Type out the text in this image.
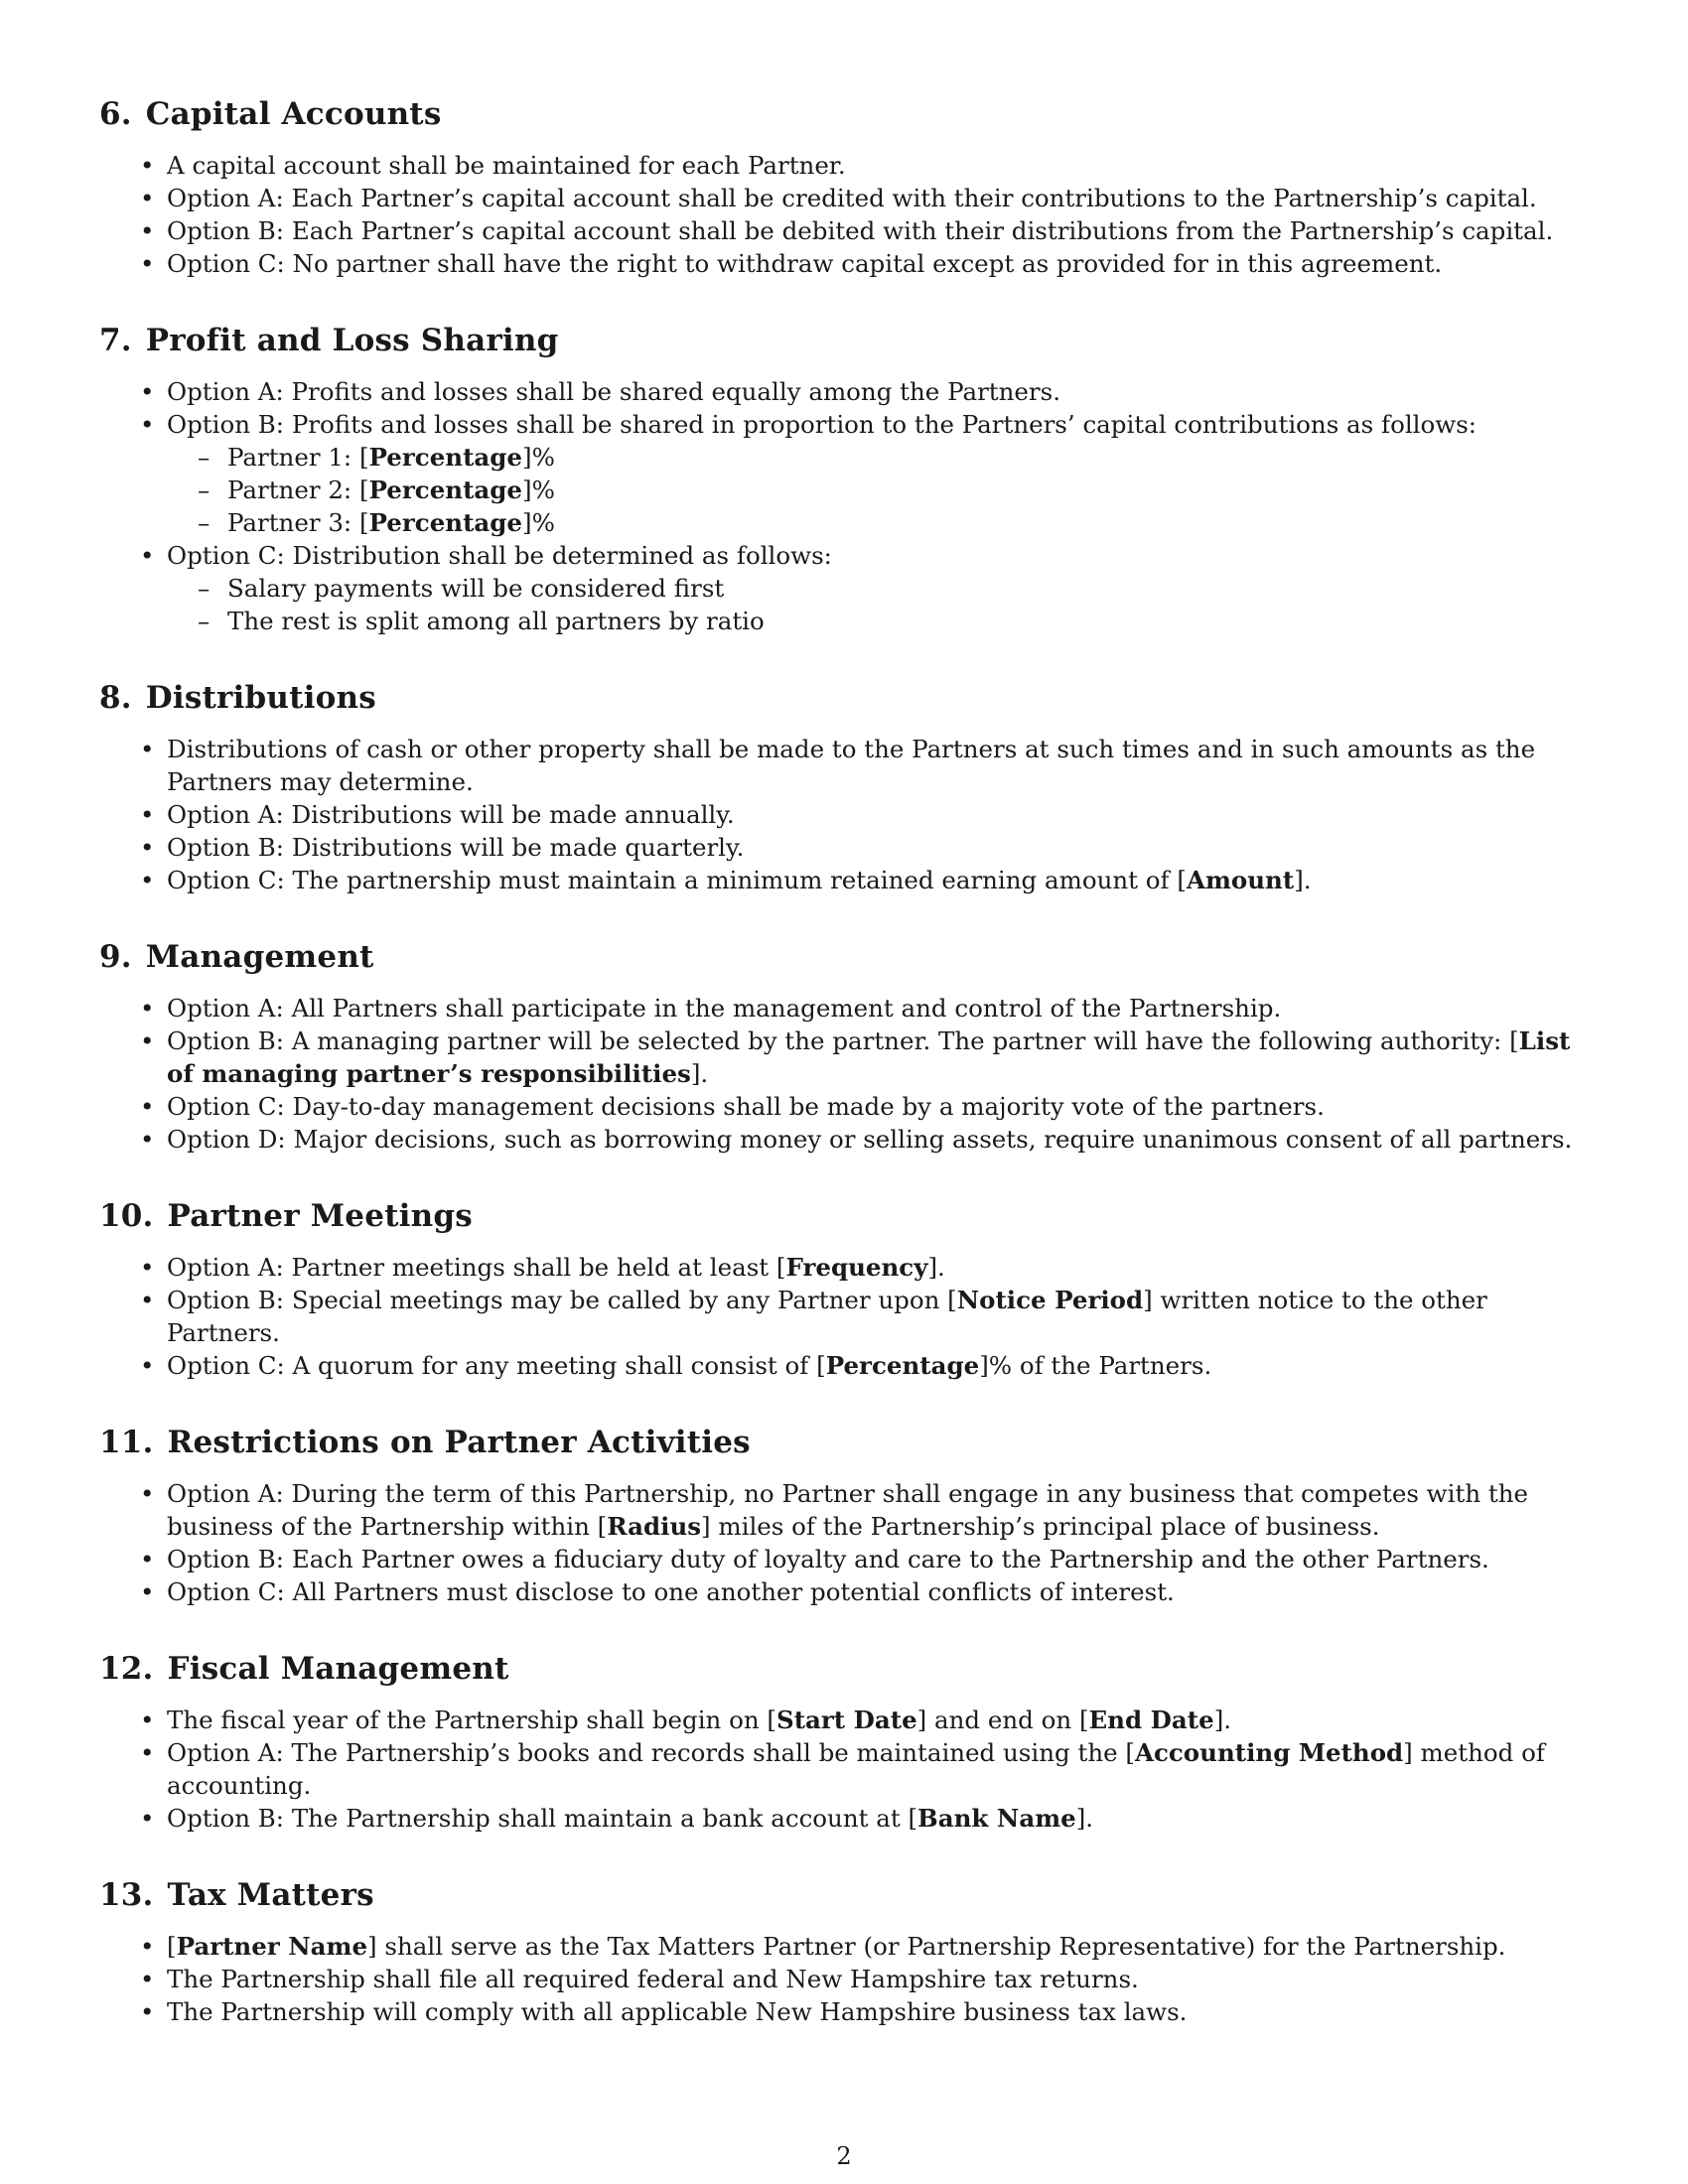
6. Capital Accounts
• A capital account shall be maintained for each Partner.
• Option A: Each Partner’s capital account shall be credited with their contributions to the Partnership’s capital.
• Option B: Each Partner’s capital account shall be debited with their distributions from the Partnership’s capital.
• Option C: No partner shall have the right to withdraw capital except as provided for in this agreement.
7. Profit and Loss Sharing
• Option A: Profits and losses shall be shared equally among the Partners.
• Option B: Profits and losses shall be shared in proportion to the Partners’ capital contributions as follows:
– Partner 1: [Percentage]%
– Partner 2: [Percentage]%
– Partner 3: [Percentage]%
• Option C: Distribution shall be determined as follows:
– Salary payments will be considered first
– The rest is split among all partners by ratio
8. Distributions
• Distributions of cash or other property shall be made to the Partners at such times and in such amounts as the Partners may determine.
• Option A: Distributions will be made annually.
• Option B: Distributions will be made quarterly.
• Option C: The partnership must maintain a minimum retained earning amount of [Amount].
9. Management
• Option A: All Partners shall participate in the management and control of the Partnership.
• Option B: A managing partner will be selected by the partner. The partner will have the following authority: [List of managing partner’s responsibilities].
• Option C: Day-to-day management decisions shall be made by a majority vote of the partners.
• Option D: Major decisions, such as borrowing money or selling assets, require unanimous consent of all partners.
10. Partner Meetings
• Option A: Partner meetings shall be held at least [Frequency].
• Option B: Special meetings may be called by any Partner upon [Notice Period] written notice to the other Partners.
• Option C: A quorum for any meeting shall consist of [Percentage]% of the Partners.
11. Restrictions on Partner Activities
• Option A: During the term of this Partnership, no Partner shall engage in any business that competes with the business of the Partnership within [Radius] miles of the Partnership’s principal place of business.
• Option B: Each Partner owes a fiduciary duty of loyalty and care to the Partnership and the other Partners.
• Option C: All Partners must disclose to one another potential conflicts of interest.
12. Fiscal Management
• The fiscal year of the Partnership shall begin on [Start Date] and end on [End Date].
• Option A: The Partnership’s books and records shall be maintained using the [Accounting Method] method of accounting.
• Option B: The Partnership shall maintain a bank account at [Bank Name].
13. Tax Matters
• [Partner Name] shall serve as the Tax Matters Partner (or Partnership Representative) for the Partnership.
• The Partnership shall file all required federal and New Hampshire tax returns.
• The Partnership will comply with all applicable New Hampshire business tax laws.
2
